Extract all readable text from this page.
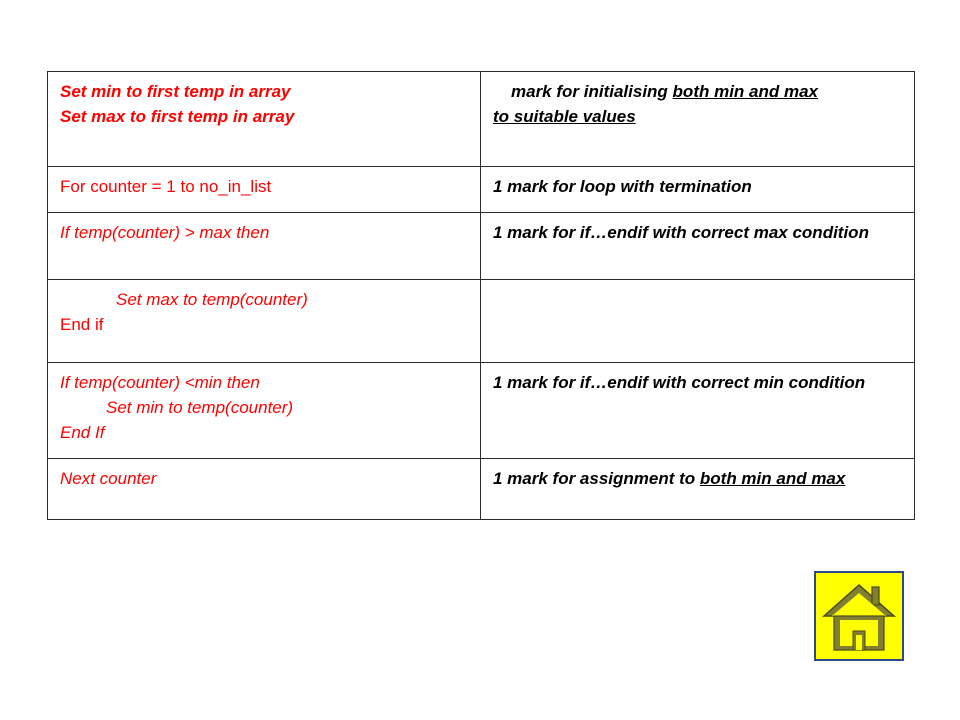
Set min to first temp in array
Set max to first temp in array	mark for initialising both min and max
to suitable values

For counter = 1 to no_in_list	1 mark for loop with termination

If temp(counter) > max then	1 mark for if…endif with correct max condition

Set max to temp(counter)
End if	

If temp(counter) <min then
Set min to temp(counter)
End If	1 mark for if…endif with correct min condition

Next counter	1 mark for assignment to both min and max
